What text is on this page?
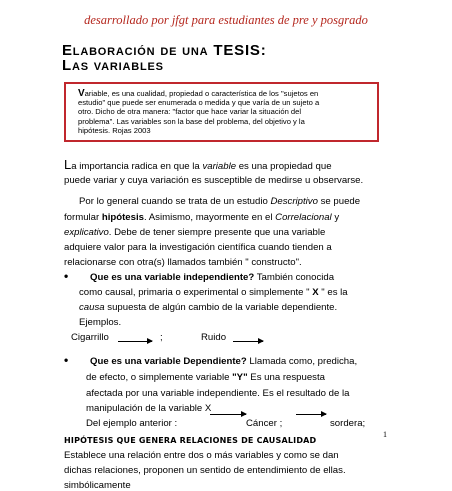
desarrollado por jfgt para estudiantes de pre y posgrado
Elaboración de una TESIS:
Las variables
Variable, es una cualidad, propiedad o característica de los "sujetos en
estudio" que puede ser enumerada o medida y que varía de un sujeto a
otro. Dicho de otra manera: "factor que hace variar la situación del
problema". Las variables son la base del problema, del objetivo y la
hipótesis. Rojas 2003
La importancia radica en que la variable es una propiedad que
puede variar y cuya variación es susceptible de medirse u observarse.
Por lo general cuando se trata de un estudio Descriptivo se puede
formular hipótesis. Asimismo, mayormente en el Correlacional y
explicativo. Debe de tener siempre presente que una variable
adquiere valor para la investigación científica cuando tienden a
relacionarse con otra(s) llamados también " constructo".
• Que es una variable independiente? También conocida
como causal, primaria o experimental o simplemente " X " es la
causa supuesta de algún cambio de la variable dependiente.
Ejemplos.
Cigarrillo	;	Ruido
• Que es una variable Dependiente? Llamada como, predicha,
de efecto, o simplemente variable "Y" Es una respuesta
afectada por una variable independiente. Es el resultado de la
manipulación de la variable X
Del ejemplo anterior :	Cáncer ;	sordera;
HIPÓTESIS QUE GENERA RELACIONES DE CAUSALIDAD
Establece una relación entre dos o más variables y como se dan
dichas relaciones, proponen un sentido de entendimiento de ellas.
simbólicamente
1
